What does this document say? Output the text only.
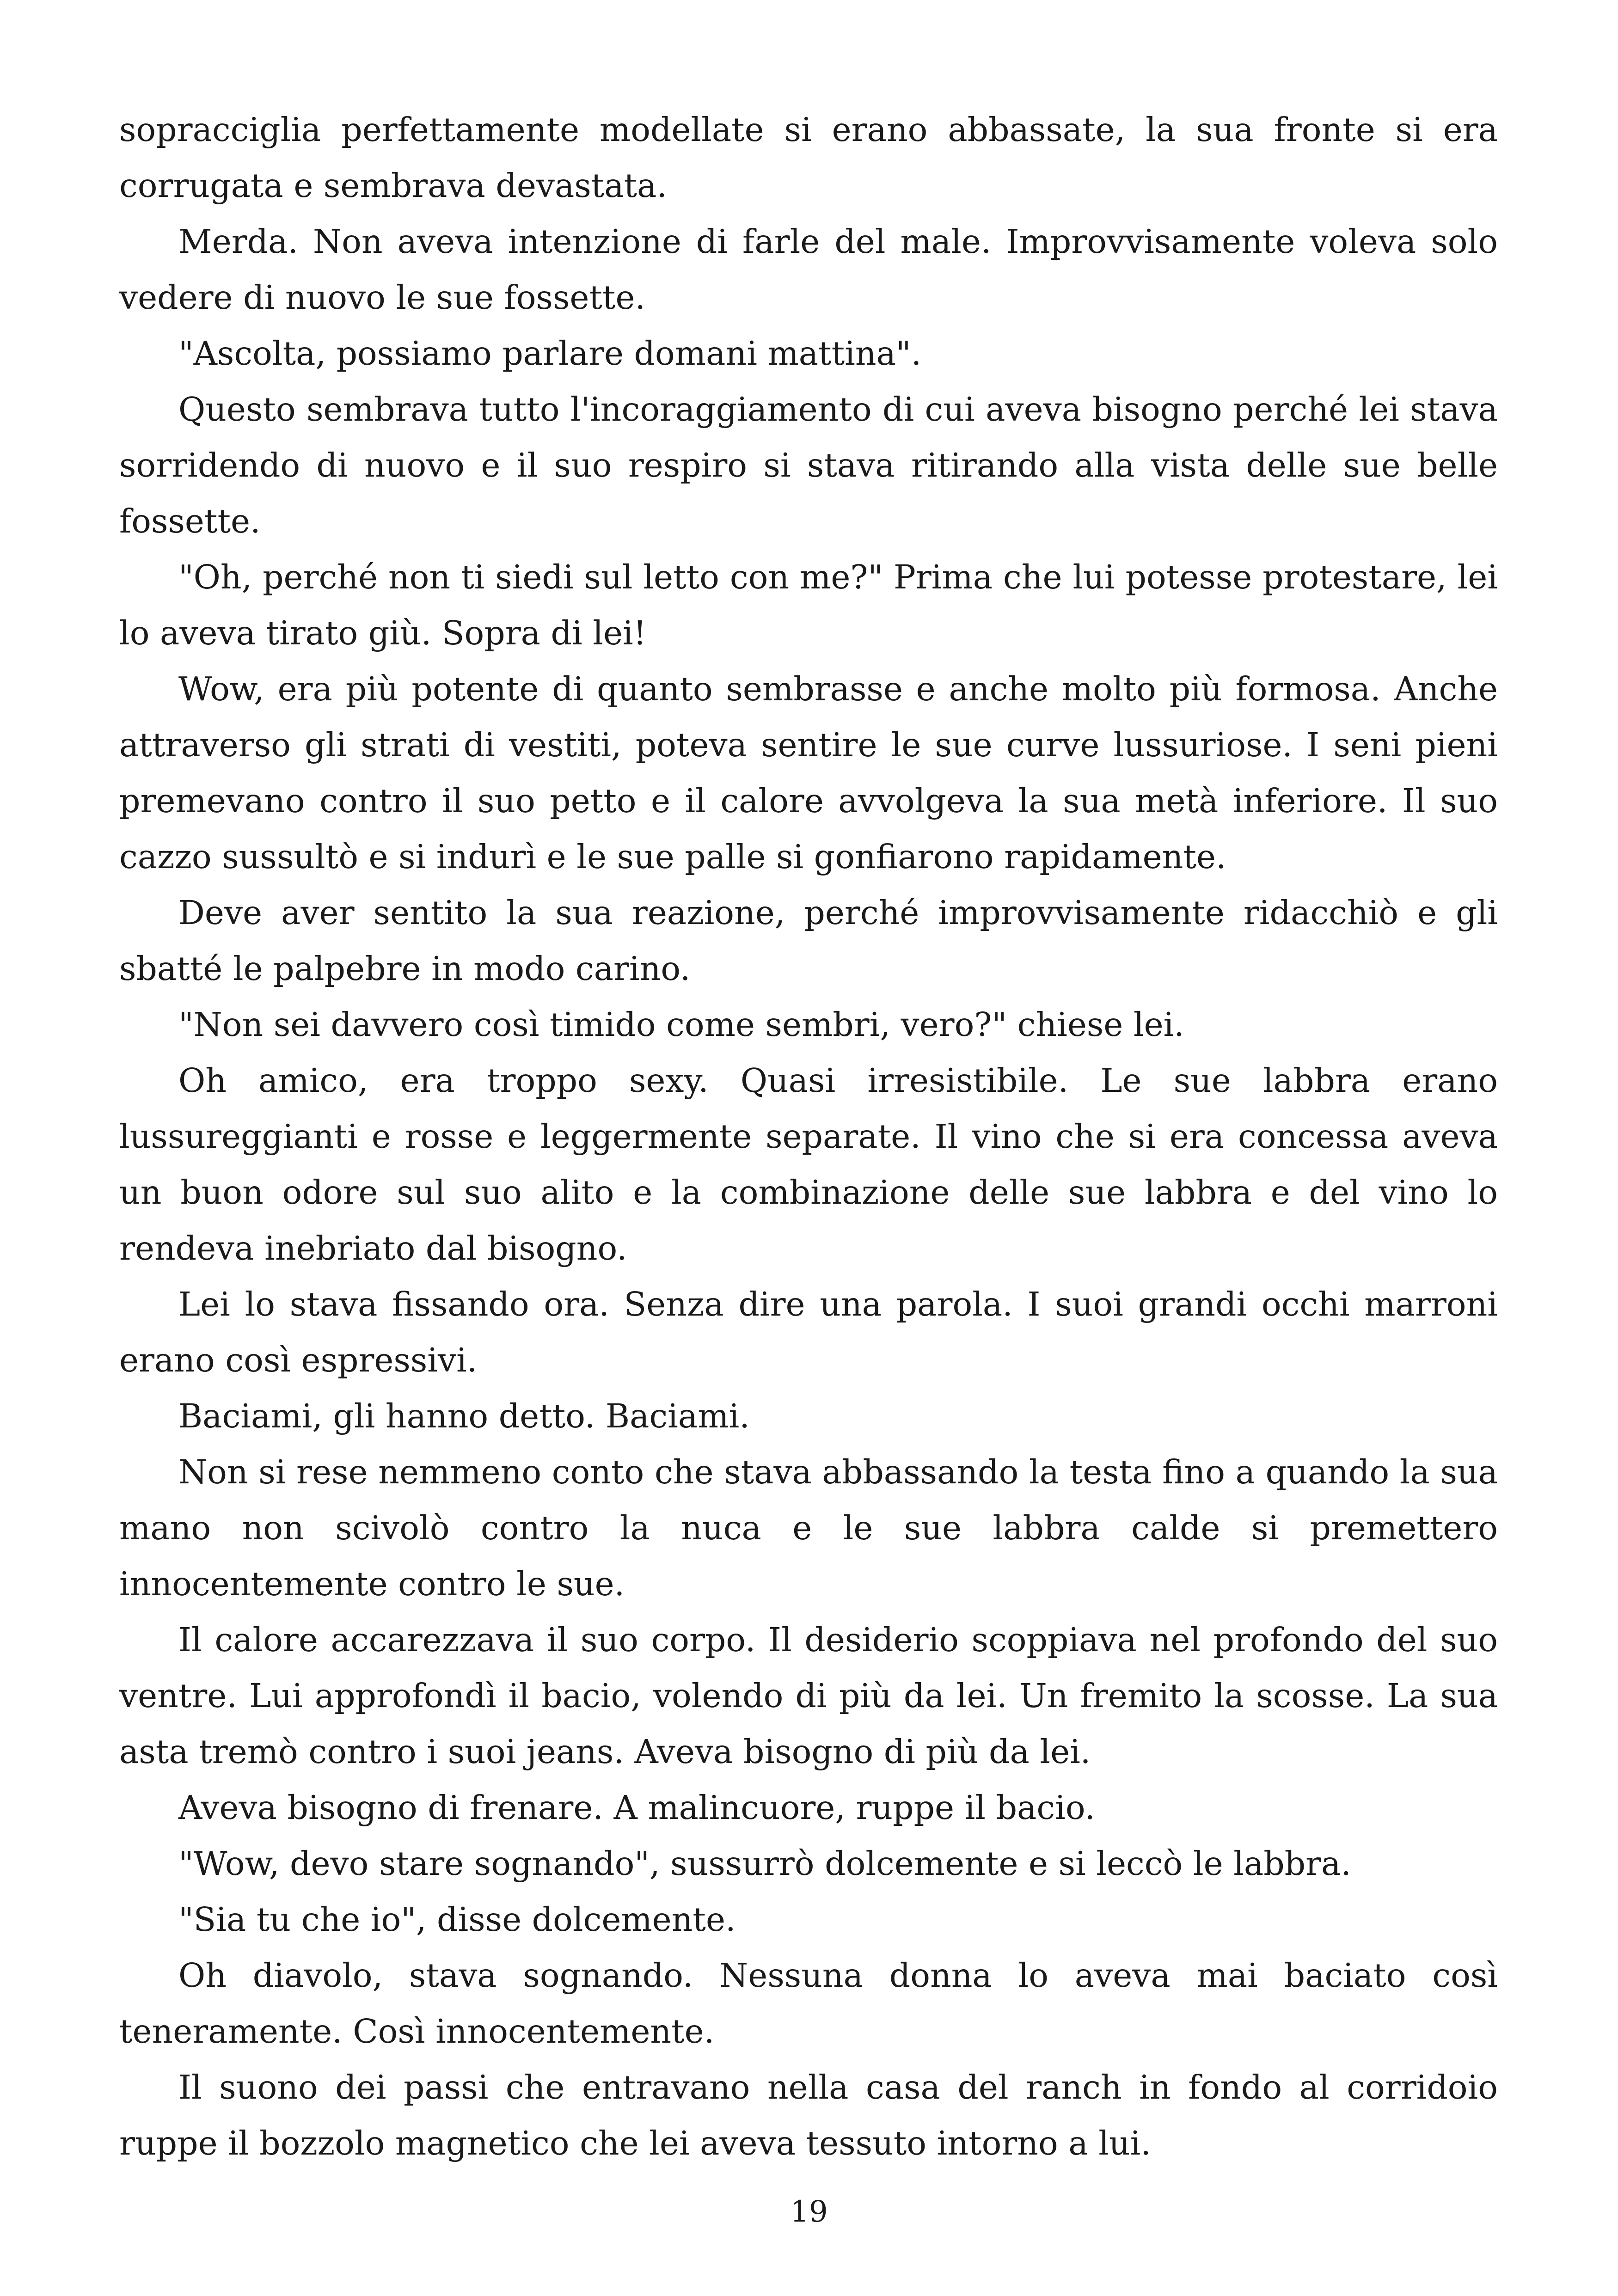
sopracciglia perfettamente modellate si erano abbassate, la sua fronte si era corrugata e sembrava devastata.

Merda. Non aveva intenzione di farle del male. Improvvisamente voleva solo vedere di nuovo le sue fossette.

"Ascolta, possiamo parlare domani mattina".

Questo sembrava tutto l'incoraggiamento di cui aveva bisogno perché lei stava sorridendo di nuovo e il suo respiro si stava ritirando alla vista delle sue belle fossette.

"Oh, perché non ti siedi sul letto con me?" Prima che lui potesse protestare, lei lo aveva tirato giù. Sopra di lei!

Wow, era più potente di quanto sembrasse e anche molto più formosa. Anche attraverso gli strati di vestiti, poteva sentire le sue curve lussuriose. I seni pieni premevano contro il suo petto e il calore avvolgeva la sua metà inferiore. Il suo cazzo sussultò e si indurì e le sue palle si gonfiarono rapidamente.

Deve aver sentito la sua reazione, perché improvvisamente ridacchiò e gli sbatté le palpebre in modo carino.

"Non sei davvero così timido come sembri, vero?" chiese lei.

Oh amico, era troppo sexy. Quasi irresistibile. Le sue labbra erano lussureggianti e rosse e leggermente separate. Il vino che si era concessa aveva un buon odore sul suo alito e la combinazione delle sue labbra e del vino lo rendeva inebriato dal bisogno.

Lei lo stava fissando ora. Senza dire una parola. I suoi grandi occhi marroni erano così espressivi.

Baciami, gli hanno detto. Baciami.

Non si rese nemmeno conto che stava abbassando la testa fino a quando la sua mano non scivolò contro la nuca e le sue labbra calde si premettero innocentemente contro le sue.

Il calore accarezzava il suo corpo. Il desiderio scoppiava nel profondo del suo ventre. Lui approfondì il bacio, volendo di più da lei. Un fremito la scosse. La sua asta tremò contro i suoi jeans. Aveva bisogno di più da lei.

Aveva bisogno di frenare. A malincuore, ruppe il bacio.

"Wow, devo stare sognando", sussurrò dolcemente e si leccò le labbra.

"Sia tu che io", disse dolcemente.

Oh diavolo, stava sognando. Nessuna donna lo aveva mai baciato così teneramente. Così innocentemente.

Il suono dei passi che entravano nella casa del ranch in fondo al corridoio ruppe il bozzolo magnetico che lei aveva tessuto intorno a lui.

19
